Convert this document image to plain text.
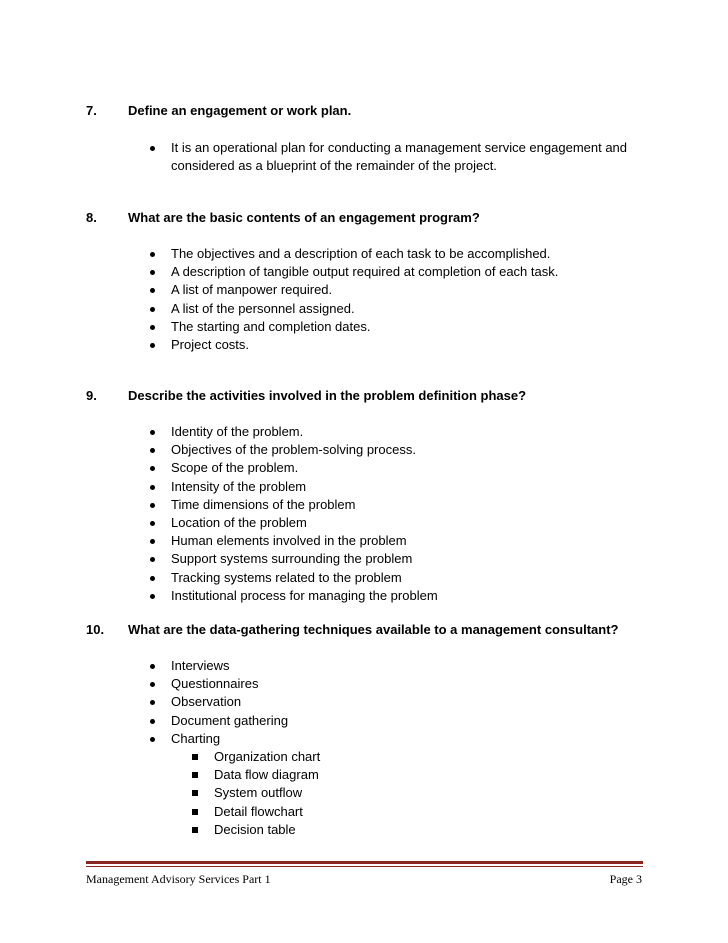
7. Define an engagement or work plan.
It is an operational plan for conducting a management service engagement and
considered as a blueprint of the remainder of the project.
8. What are the basic contents of an engagement program?
The objectives and a description of each task to be accomplished.
A description of tangible output required at completion of each task.
A list of manpower required.
A list of the personnel assigned.
The starting and completion dates.
Project costs.
9. Describe the activities involved in the problem definition phase?
Identity of the problem.
Objectives of the problem-solving process.
Scope of the problem.
Intensity of the problem
Time dimensions of the problem
Location of the problem
Human elements involved in the problem
Support systems surrounding the problem
Tracking systems related to the problem
Institutional process for managing the problem
10. What are the data-gathering techniques available to a management consultant?
Interviews
Questionnaires
Observation
Document gathering
Charting
Organization chart
Data flow diagram
System outflow
Detail flowchart
Decision table
Management Advisory Services Part 1	Page 3
